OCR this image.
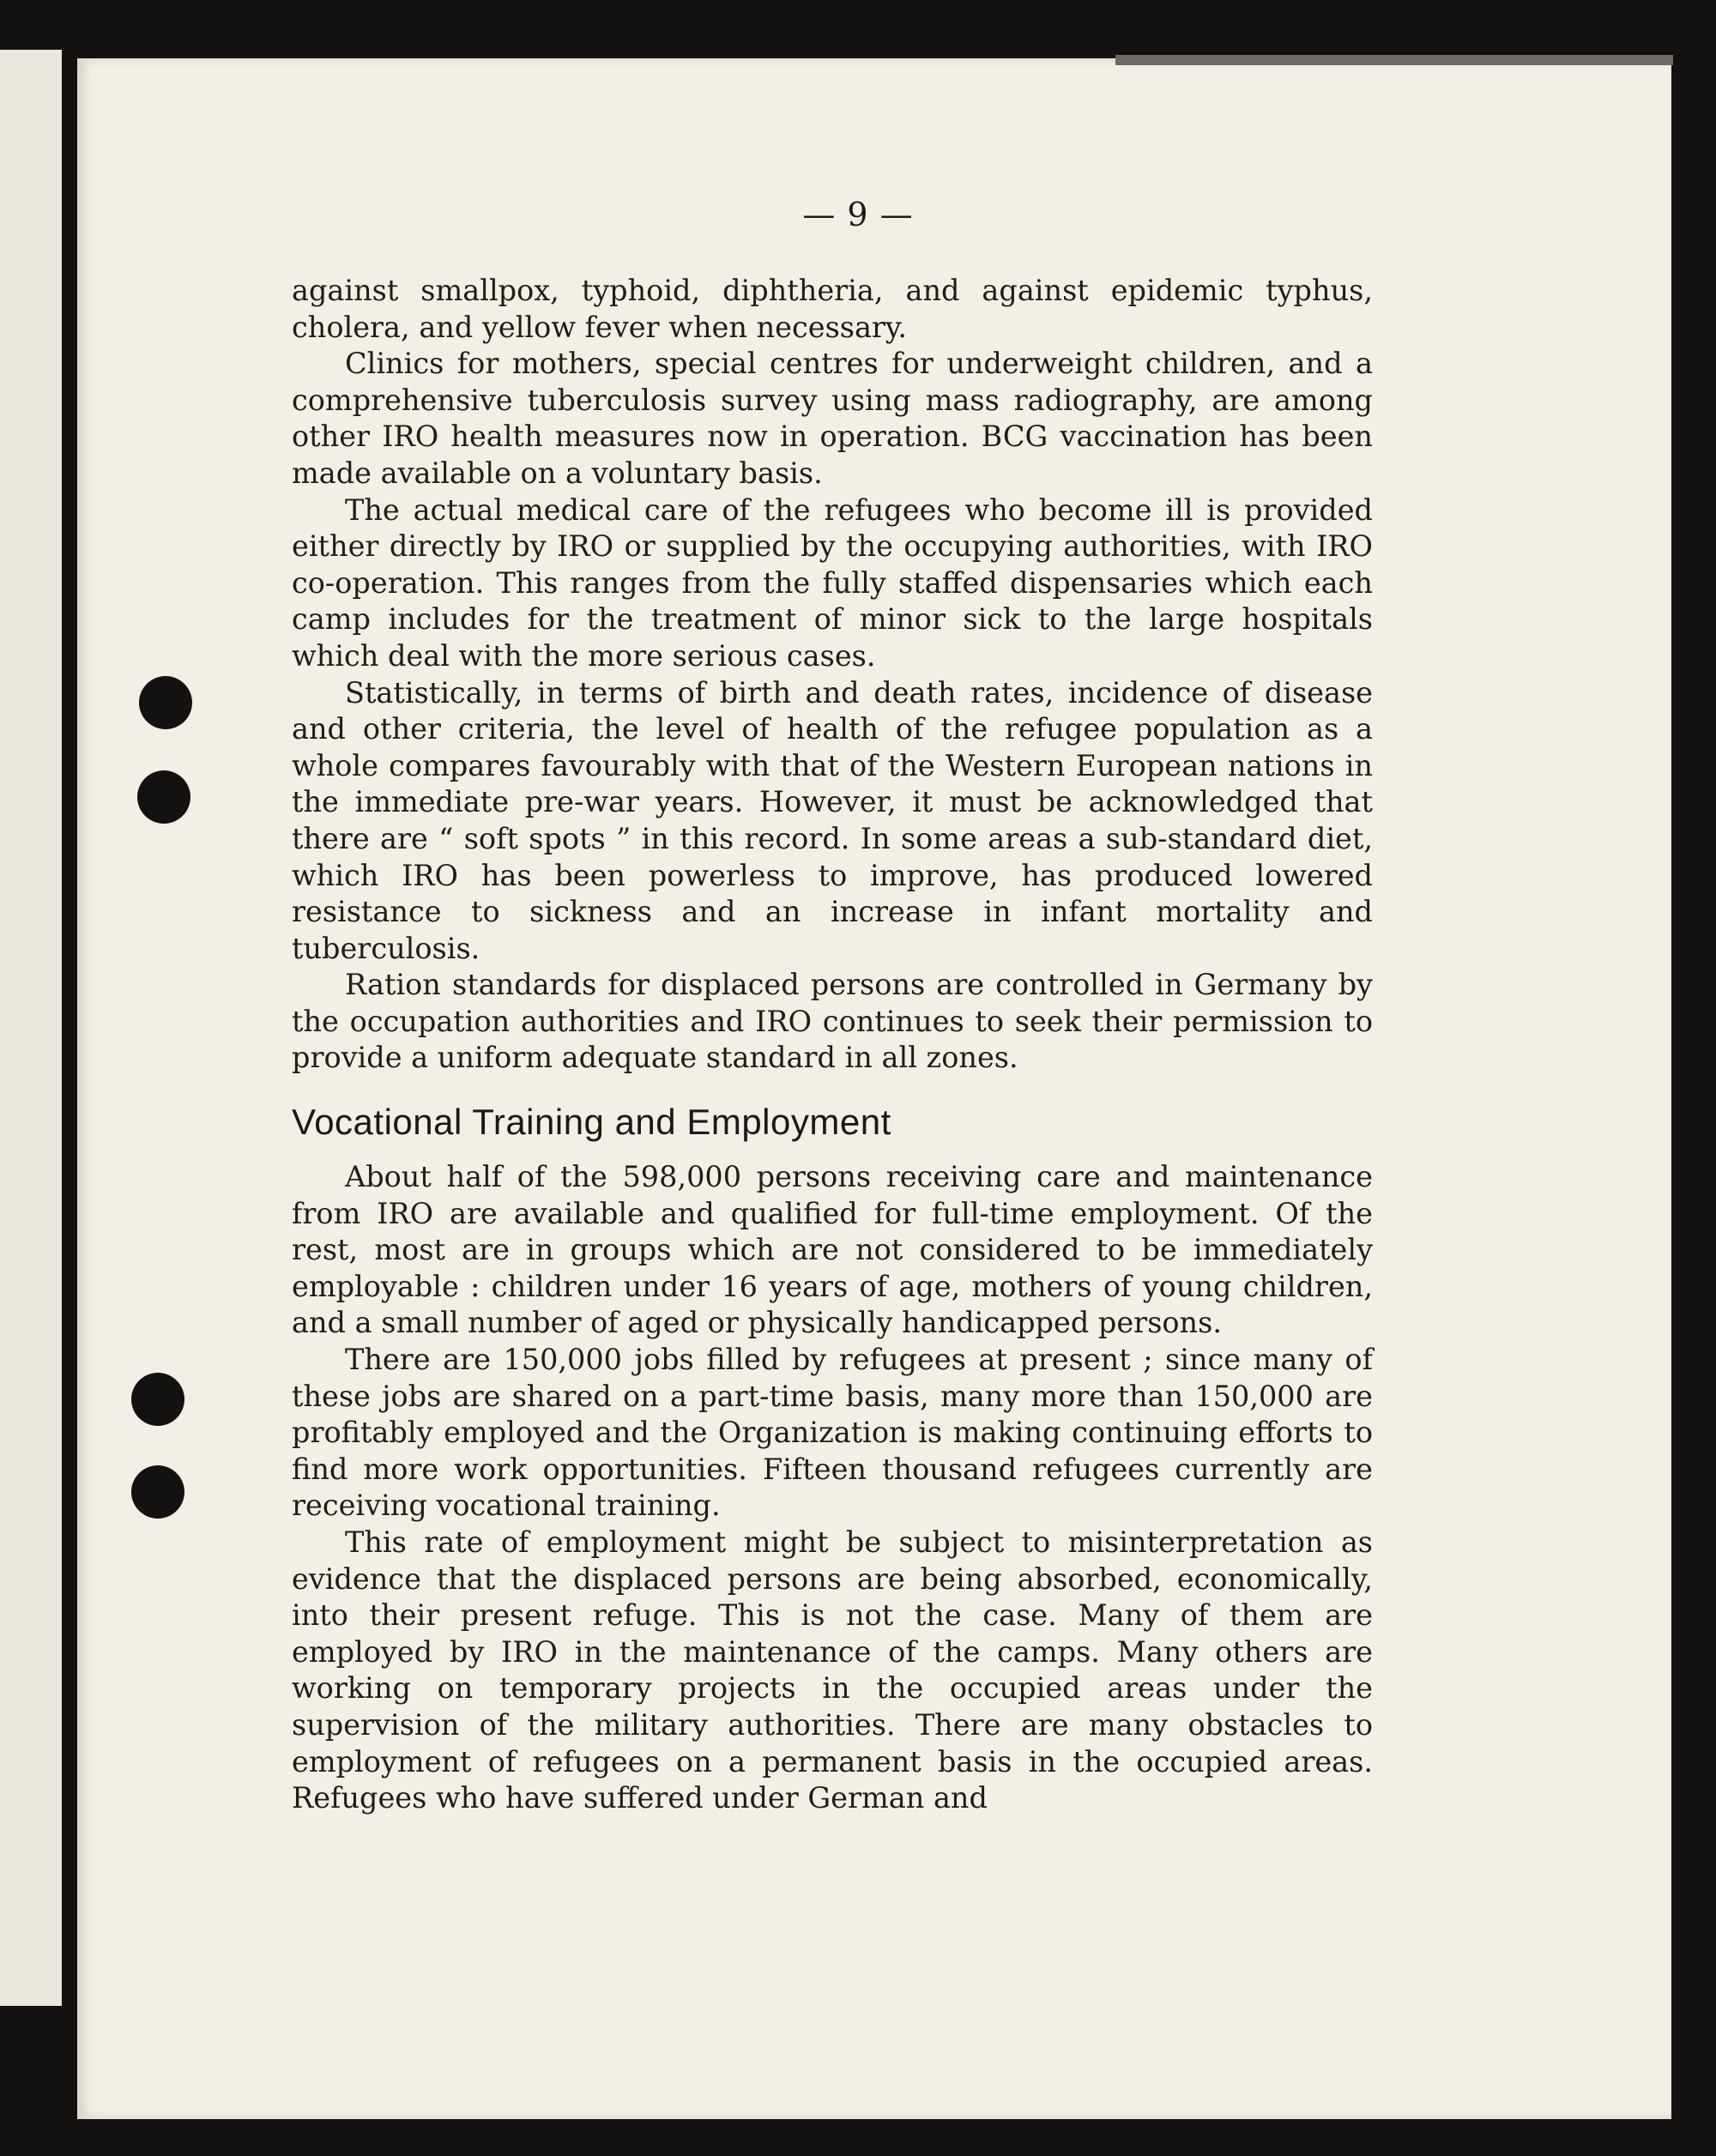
— 9 —

against smallpox, typhoid, diphtheria, and against epidemic typhus, cholera, and yellow fever when necessary.

Clinics for mothers, special centres for underweight children, and a comprehensive tuberculosis survey using mass radiography, are among other IRO health measures now in operation. BCG vaccination has been made available on a voluntary basis.

The actual medical care of the refugees who become ill is provided either directly by IRO or supplied by the occupying authorities, with IRO co-operation. This ranges from the fully staffed dispensaries which each camp includes for the treatment of minor sick to the large hospitals which deal with the more serious cases.

Statistically, in terms of birth and death rates, incidence of disease and other criteria, the level of health of the refugee population as a whole compares favourably with that of the Western European nations in the immediate pre-war years. However, it must be acknowledged that there are “ soft spots ” in this record. In some areas a sub-standard diet, which IRO has been powerless to improve, has produced lowered resistance to sickness and an increase in infant mortality and tuberculosis.

Ration standards for displaced persons are controlled in Germany by the occupation authorities and IRO continues to seek their permission to provide a uniform adequate standard in all zones.

Vocational Training and Employment

About half of the 598,000 persons receiving care and maintenance from IRO are available and qualified for full-time employment. Of the rest, most are in groups which are not considered to be immediately employable : children under 16 years of age, mothers of young children, and a small number of aged or physically handicapped persons.

There are 150,000 jobs filled by refugees at present ; since many of these jobs are shared on a part-time basis, many more than 150,000 are profitably employed and the Organization is making continuing efforts to find more work opportunities. Fifteen thousand refugees currently are receiving vocational training.

This rate of employment might be subject to misinterpretation as evidence that the displaced persons are being absorbed, economically, into their present refuge. This is not the case. Many of them are employed by IRO in the maintenance of the camps. Many others are working on temporary projects in the occupied areas under the supervision of the military authorities. There are many obstacles to employment of refugees on a permanent basis in the occupied areas. Refugees who have suffered under German and
